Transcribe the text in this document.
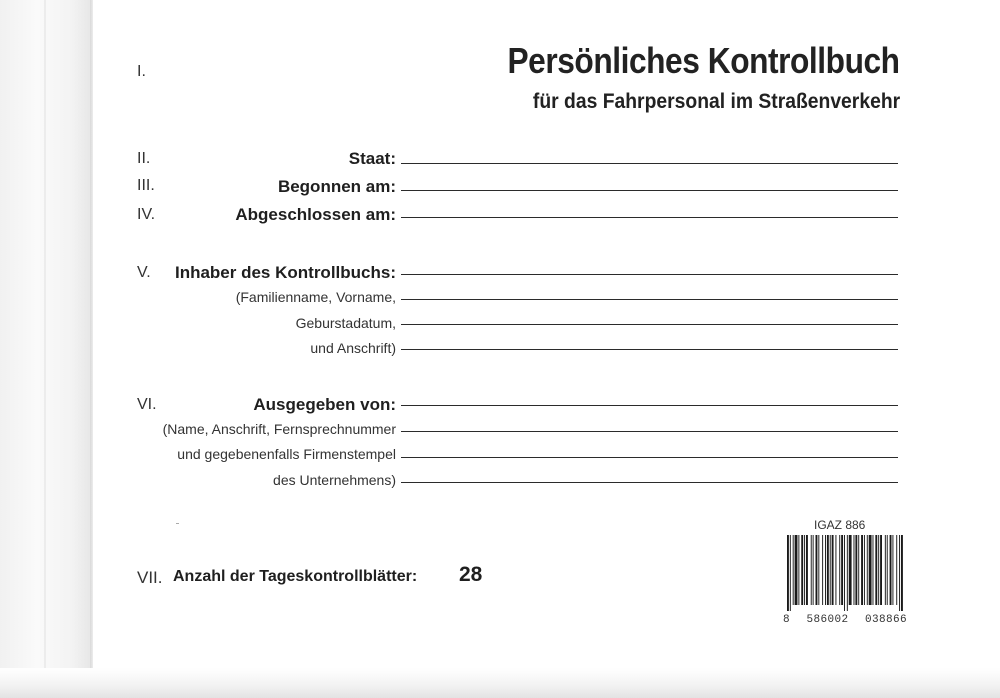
I.	Persönliches Kontrollbuch
für das Fahrpersonal im Straßenverkehr
II.	Staat:
III.	Begonnen am:
IV.	Abgeschlossen am:
V. Inhaber des Kontrollbuchs:
(Familienname, Vorname,
Geburstadatum,
und Anschrift)
VI.	Ausgegeben von:
(Name, Anschrift, Fernsprechnummer
und gegebenenfalls Firmenstempel
des Unternehmens)
VII. Anzahl der Tageskontrollblätter: 28
IGAZ 886
8 586002 038866
